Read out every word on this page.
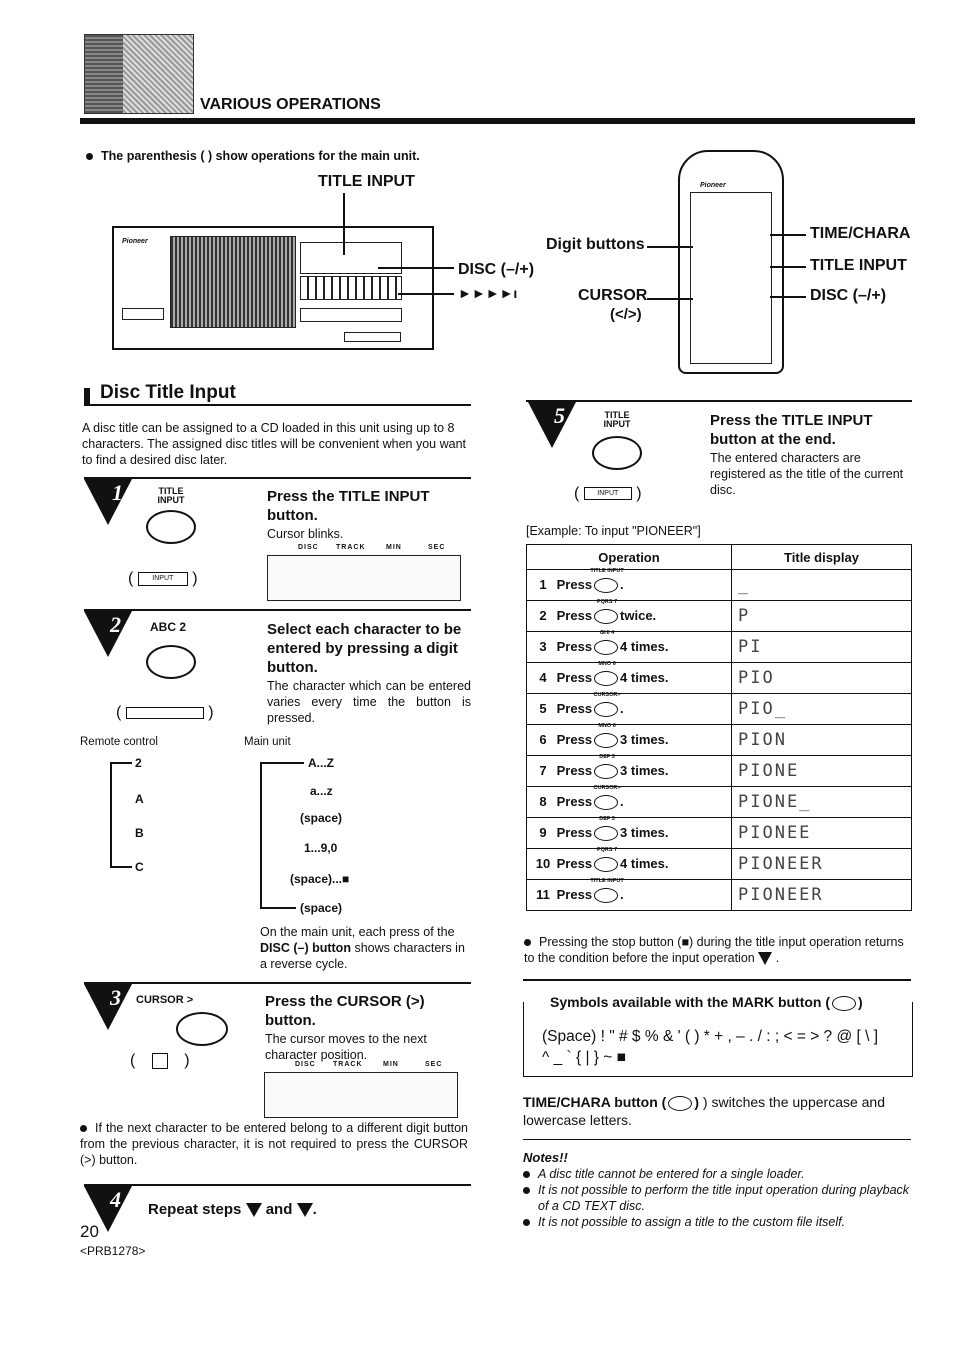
VARIOUS OPERATIONS
The parenthesis ( ) show operations for the main unit.
TITLE INPUT
Pioneer
DISC (–/+)
►►►►ı
Digit buttons
CURSOR
(</>)
Pioneer
TIME/CHARA
TITLE INPUT
DISC (–/+)
Disc Title Input
A disc title can be assigned to a CD loaded in this unit using up to 8 characters. The assigned disc titles will be convenient when you want to find a desired disc later.
1	TITLE INPUT
( INPUT )
Press the TITLE INPUT button.
Cursor blinks.
DISC TRACK	MIN	SEC
2 ABC 2
(	)
Select each character to be entered by pressing a digit button.
The character which can be entered varies every time the button is pressed.
Remote control	Main unit
2
A
B
C
A...Z
a...z
(space)
1...9,0
(space)...■
(space)
On the main unit, each press of the DISC (–) button shows characters in a reverse cycle.
3 CURSOR >
(	)
Press the CURSOR (>) button.
The cursor moves to the next character position.
DISC TRACK	MIN	SEC
If the next character to be entered belong to a different digit button from the previous character, it is not required to press the CURSOR (>) button.
4 Repeat steps and .
20
<PRB1278>
5	TITLE INPUT
( INPUT )
Press the TITLE INPUT button at the end.
The entered characters are registered as the title of the current disc.
[Example: To input "PIONEER"]
Operation	Title display
1 Press
TITLE INPUT
.	_
2 Press
PQRS 7
twice.	P
3 Press
GHI 4
4 times.	PI
4 Press
MNO 6
4 times.	PIO
5 Press
CURSOR>
.	PIO_
6 Press
MNO 6
3 times.	PION
7 Press
DEF 3
3 times.	PIONE
8 Press
CURSOR>
.	PIONE_
9 Press
DEF 3
3 times.	PIONEE
10 Press
PQRS 7
4 times.	PIONEER
11 Press
TITLE INPUT
.	PIONEER
Pressing the stop button (■) during the title input operation returns to the condition before the input operation  .
Symbols available with the MARK button ( )
(Space) ! " # $ % & ' ( ) * + , – . / : ; < = > ? @ [ \ ]
^ _ ` { | } ~ ■
TIME/CHARA button ( ) ) switches the uppercase and lowercase letters.
Notes!!
A disc title cannot be entered for a single loader.
It is not possible to perform the title input operation during playback of a CD TEXT disc.
It is not possible to assign a title to the custom file itself.
